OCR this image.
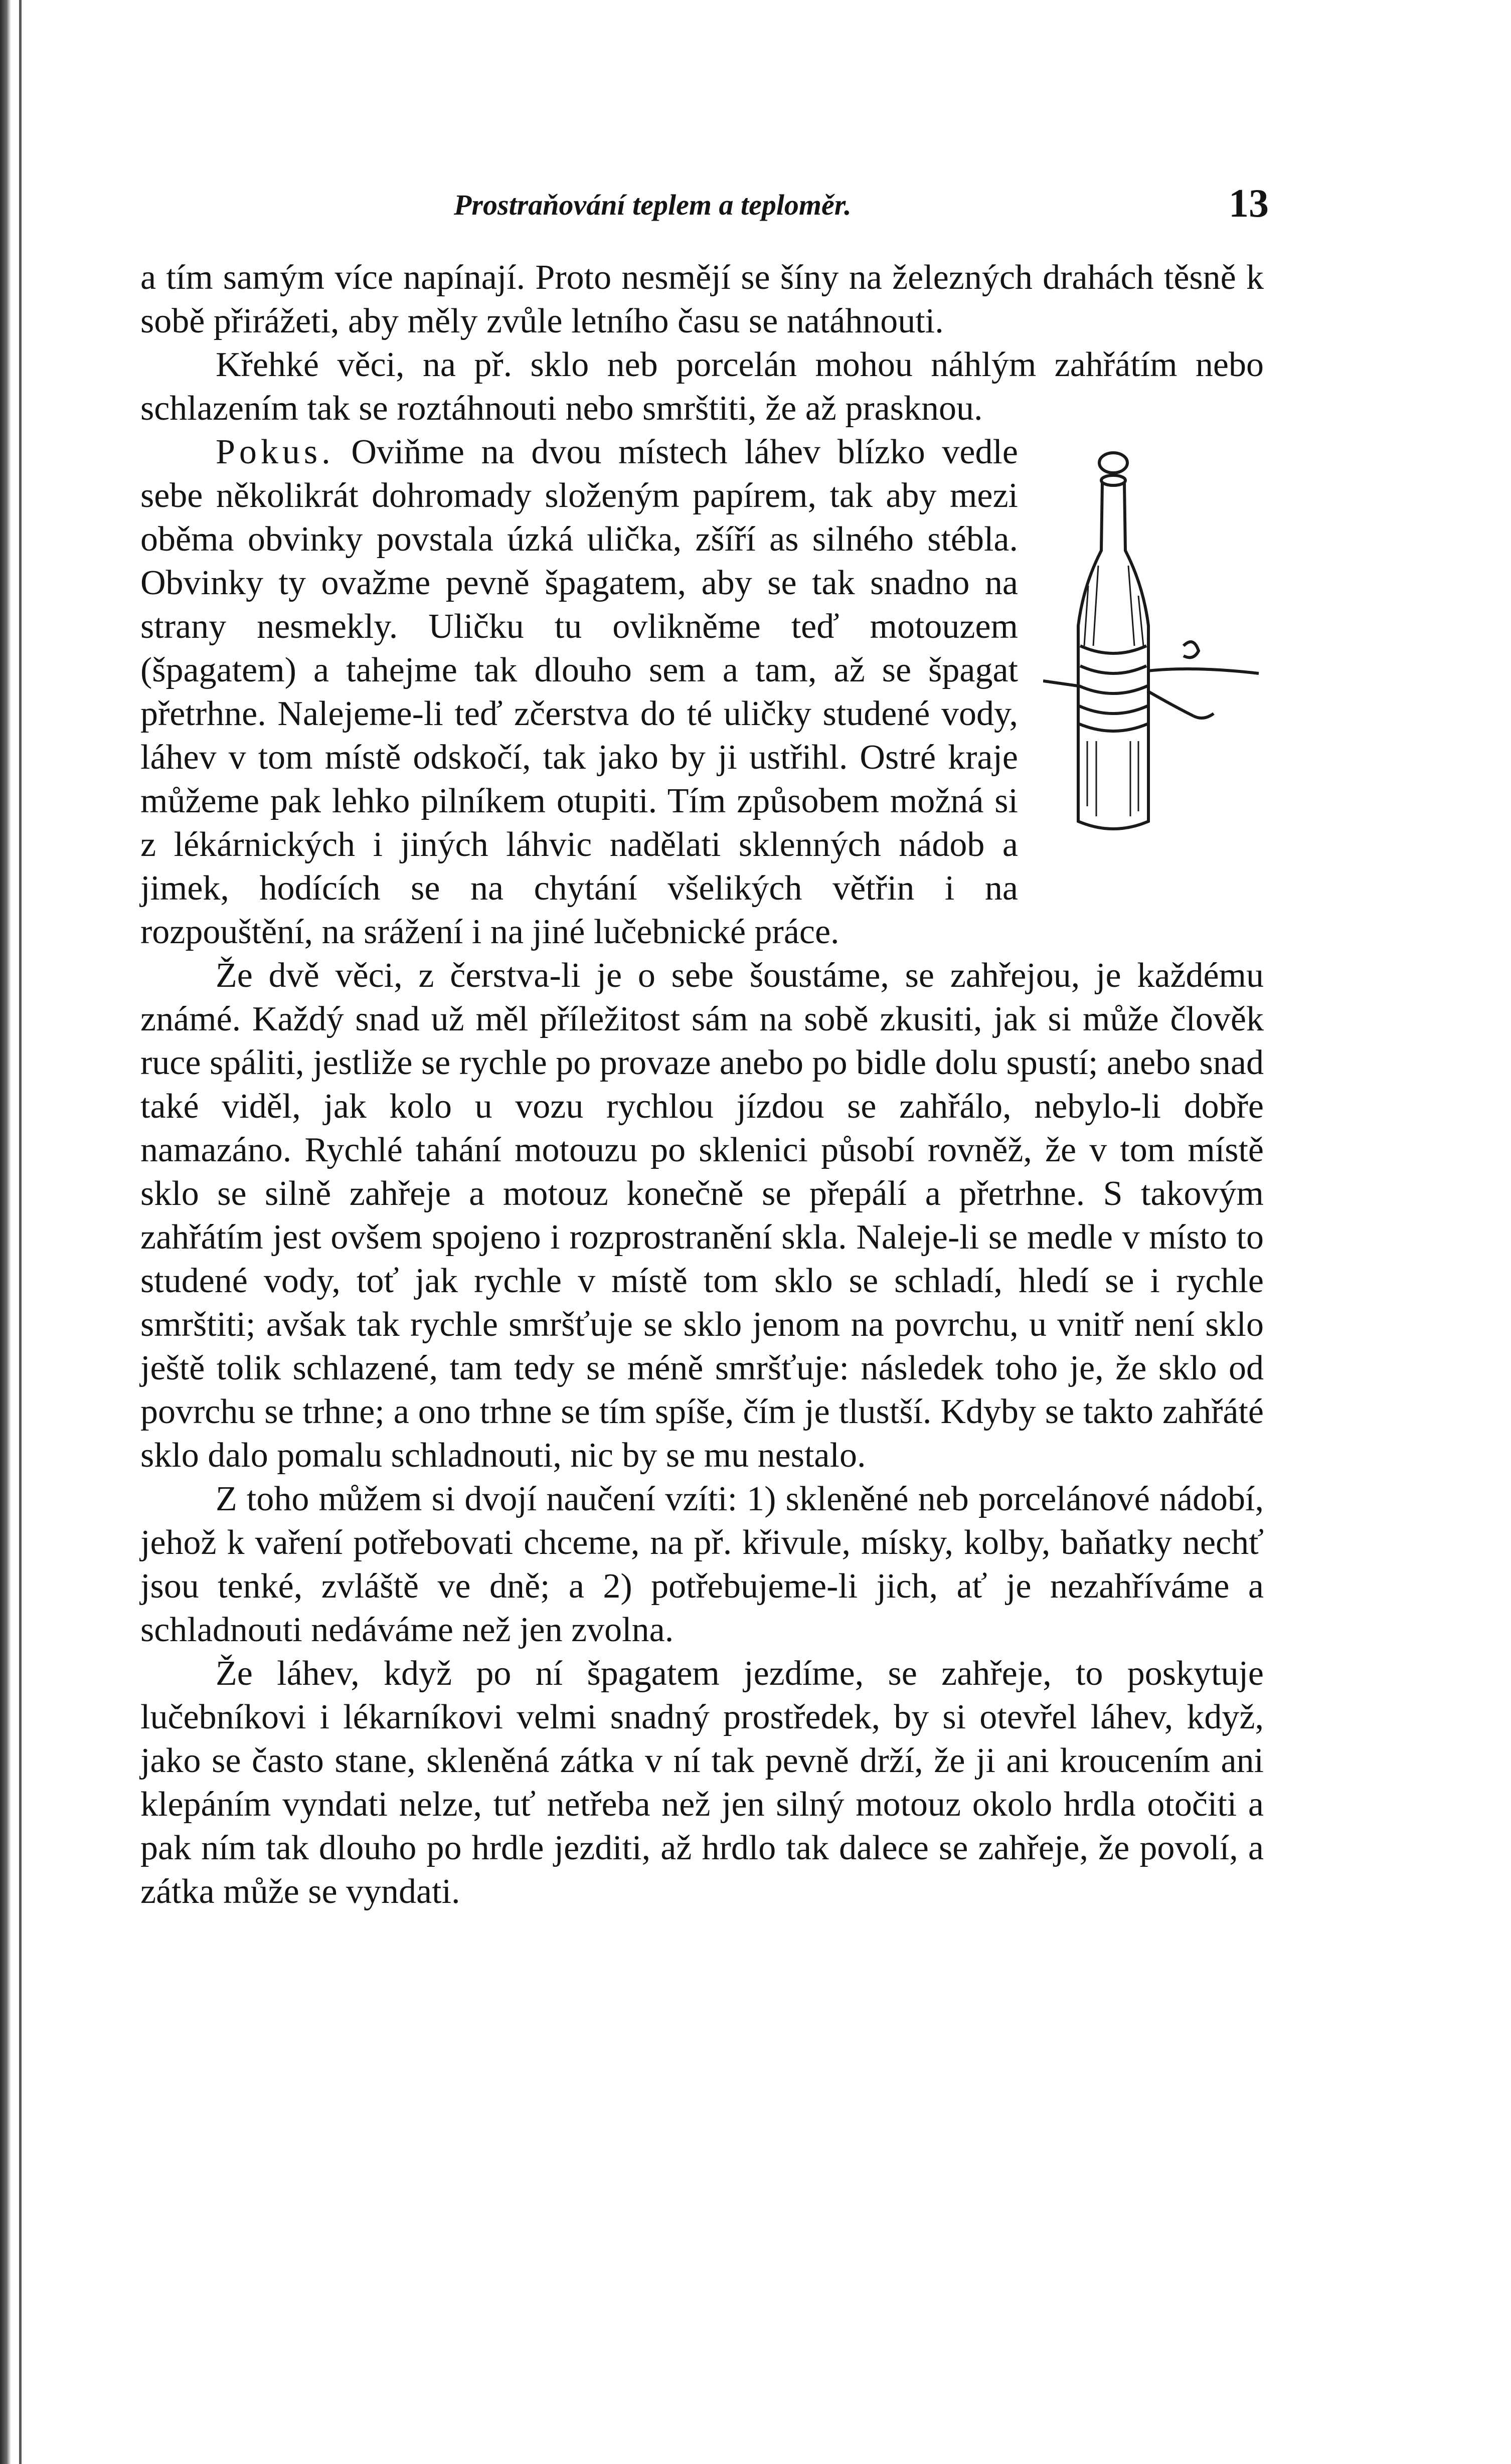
Prostraňování teplem a teploměr.	13

a tím samým více napínají. Proto nesmějí se šíny na železných drahách těsně k sobě přirážeti, aby měly zvůle letního času se natáhnouti.

Křehké věci, na př. sklo neb porcelán mohou náhlým zahřátím nebo schlazením tak se roztáhnouti nebo smrštiti, že až prasknou.

Pokus. Oviňme na dvou místech láhev blízko vedle sebe několikrát dohromady složeným papírem, tak aby mezi oběma obvinky povstala úzká ulička, zšíří as silného stébla. Obvinky ty ovažme pevně špagatem, aby se tak snadno na strany nesmekly. Uličku tu ovlikněme teď motouzem (špagatem) a tahejme tak dlouho sem a tam, až se špagat přetrhne. Nalejeme-li teď zčerstva do té uličky studené vody, láhev v tom místě odskočí, tak jako by ji ustřihl. Ostré kraje můžeme pak lehko pilníkem otupiti. Tím způsobem možná si z lékárnických i jiných láhvic nadělati sklenných nádob a jimek, hodících se na chytání všelikých větřin i na rozpouštění, na srážení i na jiné lučebnické práce.

Že dvě věci, z čerstva-li je o sebe šoustáme, se zahřejou, je každému známé. Každý snad už měl příležitost sám na sobě zkusiti, jak si může člověk ruce spáliti, jestliže se rychle po provaze anebo po bidle dolu spustí; anebo snad také viděl, jak kolo u vozu rychlou jízdou se zahřálo, nebylo-li dobře namazáno. Rychlé tahání motouzu po sklenici působí rovněž, že v tom místě sklo se silně zahřeje a motouz konečně se přepálí a přetrhne. S takovým zahřátím jest ovšem spojeno i rozprostranění skla. Naleje-li se medle v místo to studené vody, toť jak rychle v místě tom sklo se schladí, hledí se i rychle smrštiti; avšak tak rychle smršťuje se sklo jenom na povrchu, u vnitř není sklo ještě tolik schlazené, tam tedy se méně smršťuje: následek toho je, že sklo od povrchu se trhne; a ono trhne se tím spíše, čím je tlustší. Kdyby se takto zahřáté sklo dalo pomalu schladnouti, nic by se mu nestalo.

Z toho můžem si dvojí naučení vzíti: 1) skleněné neb porcelánové nádobí, jehož k vaření potřebovati chceme, na př. křivule, mísky, kolby, baňatky nechť jsou tenké, zvláště ve dně; a 2) potřebujeme-li jich, ať je nezahříváme a schladnouti nedáváme než jen zvolna.

Že láhev, když po ní špagatem jezdíme, se zahřeje, to poskytuje lučebníkovi i lékarníkovi velmi snadný prostředek, by si otevřel láhev, když, jako se často stane, skleněná zátka v ní tak pevně drží, že ji ani kroucením ani klepáním vyndati nelze, tuť netřeba než jen silný motouz okolo hrdla otočiti a pak ním tak dlouho po hrdle jezditi, až hrdlo tak dalece se zahřeje, že povolí, a zátka může se vyndati.
